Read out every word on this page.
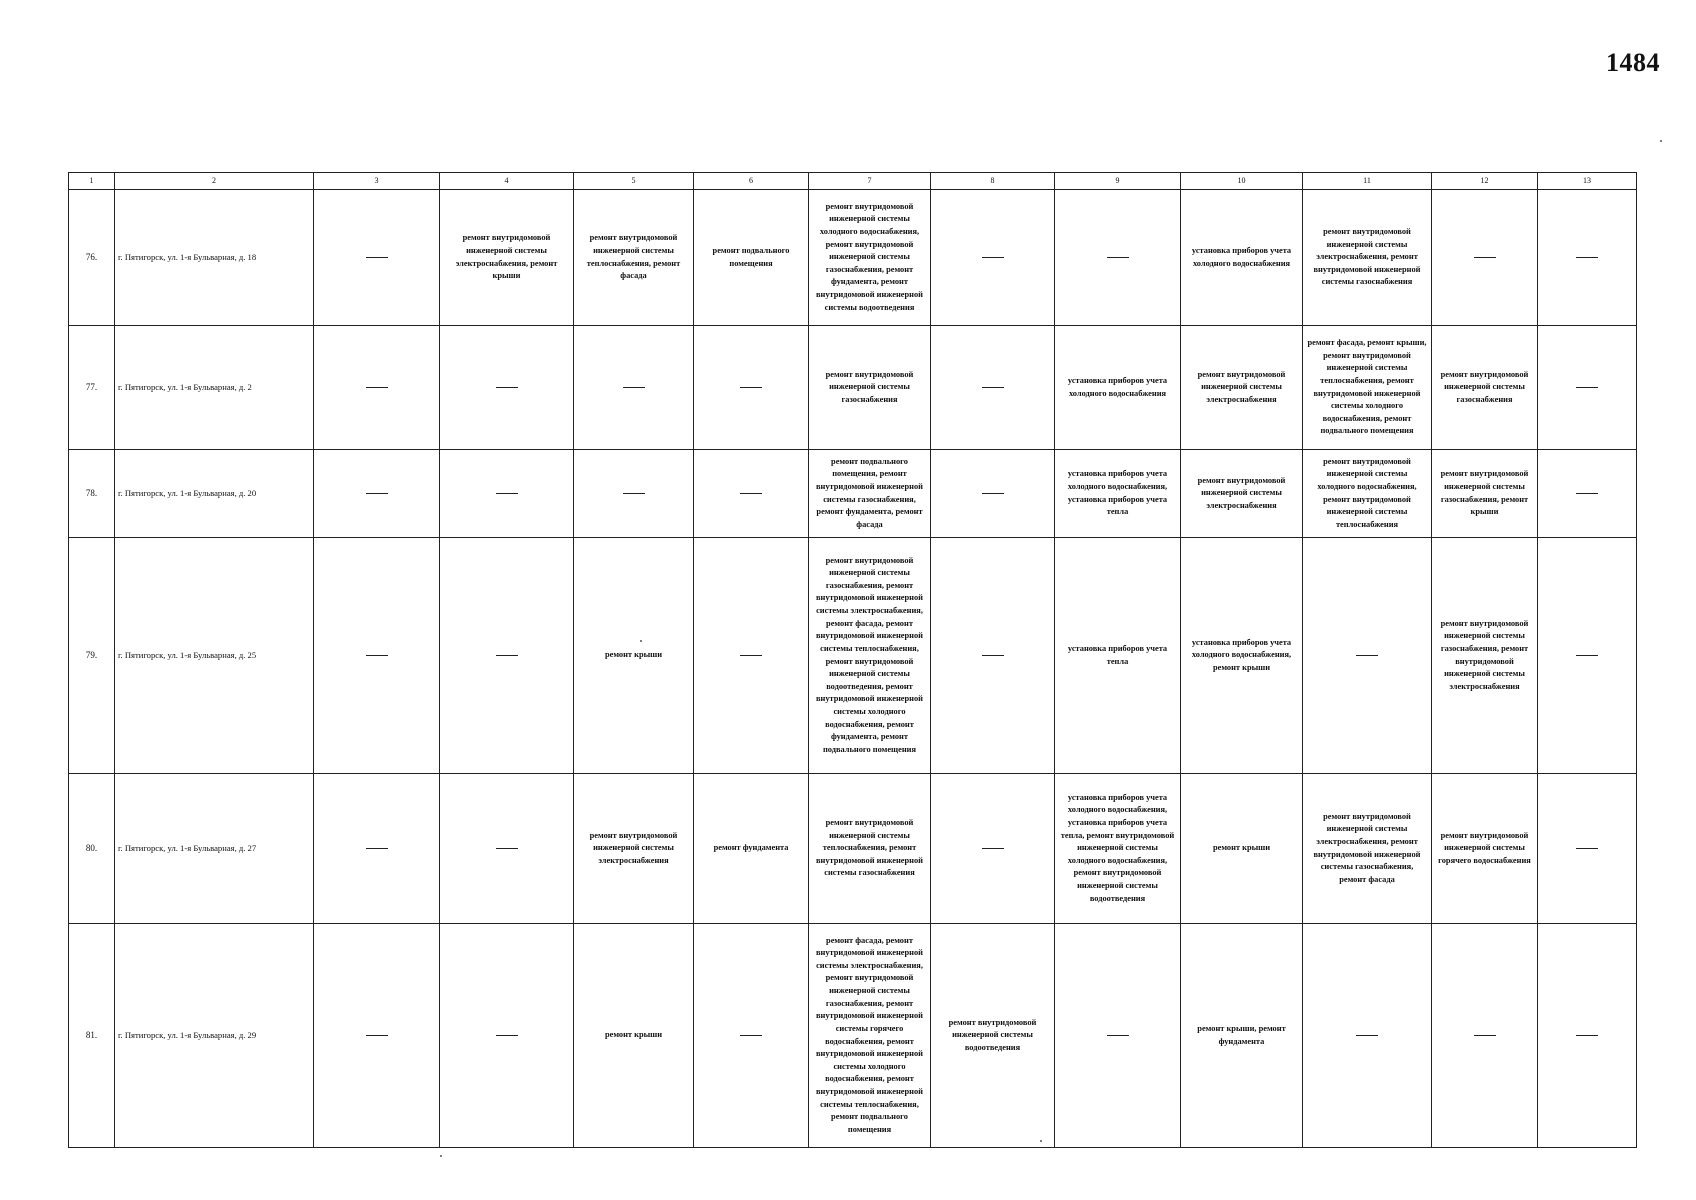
1484
1	2	3	4	5	6	7	8	9	10	11	12	13
76.	г. Пятигорск, ул. 1-я Бульварная, д. 18		ремонт внутридомовой инженерной системы электроснабжения, ремонт крыши	ремонт внутридомовой инженерной системы теплоснабжения, ремонт фасада	ремонт подвального помещения	ремонт внутридомовой инженерной системы холодного водоснабжения, ремонт внутридомовой инженерной системы газоснабжения, ремонт фундамента, ремонт внутридомовой инженерной системы водоотведения			установка приборов учета холодного водоснабжения	ремонт внутридомовой инженерной системы электроснабжения, ремонт внутридомовой инженерной системы газоснабжения		
77.	г. Пятигорск, ул. 1-я Бульварная, д. 2					ремонт внутридомовой инженерной системы газоснабжения		установка приборов учета холодного водоснабжения	ремонт внутридомовой инженерной системы электроснабжения	ремонт фасада, ремонт крыши, ремонт внутридомовой инженерной системы теплоснабжения, ремонт внутридомовой инженерной системы холодного водоснабжения, ремонт подвального помещения	ремонт внутридомовой инженерной системы газоснабжения	
78.	г. Пятигорск, ул. 1-я Бульварная, д. 20					ремонт подвального помещения, ремонт внутридомовой инженерной системы газоснабжения, ремонт фундамента, ремонт фасада		установка приборов учета холодного водоснабжения, установка приборов учета тепла	ремонт внутридомовой инженерной системы электроснабжения	ремонт внутридомовой инженерной системы холодного водоснабжения, ремонт внутридомовой инженерной системы теплоснабжения	ремонт внутридомовой инженерной системы газоснабжения, ремонт крыши	
79.	г. Пятигорск, ул. 1-я Бульварная, д. 25			ремонт крыши		ремонт внутридомовой инженерной системы газоснабжения, ремонт внутридомовой инженерной системы электроснабжения, ремонт фасада, ремонт внутридомовой инженерной системы теплоснабжения, ремонт внутридомовой инженерной системы водоотведения, ремонт внутридомовой инженерной системы холодного водоснабжения, ремонт фундамента, ремонт подвального помещения		установка приборов учета тепла	установка приборов учета холодного водоснабжения, ремонт крыши		ремонт внутридомовой инженерной системы газоснабжения, ремонт внутридомовой инженерной системы электроснабжения	
80.	г. Пятигорск, ул. 1-я Бульварная, д. 27			ремонт внутридомовой инженерной системы электроснабжения	ремонт фундамента	ремонт внутридомовой инженерной системы теплоснабжения, ремонт внутридомовой инженерной системы газоснабжения		установка приборов учета холодного водоснабжения, установка приборов учета тепла, ремонт внутридомовой инженерной системы холодного водоснабжения, ремонт внутридомовой инженерной системы водоотведения	ремонт крыши	ремонт внутридомовой инженерной системы электроснабжения, ремонт внутридомовой инженерной системы газоснабжения, ремонт фасада	ремонт внутридомовой инженерной системы горячего водоснабжения	
81.	г. Пятигорск, ул. 1-я Бульварная, д. 29			ремонт крыши		ремонт фасада, ремонт внутридомовой инженерной системы электроснабжения, ремонт внутридомовой инженерной системы газоснабжения, ремонт внутридомовой инженерной системы горячего водоснабжения, ремонт внутридомовой инженерной системы холодного водоснабжения, ремонт внутридомовой инженерной системы теплоснабжения, ремонт подвального помещения	ремонт внутридомовой инженерной системы водоотведения		ремонт крыши, ремонт фундамента			
